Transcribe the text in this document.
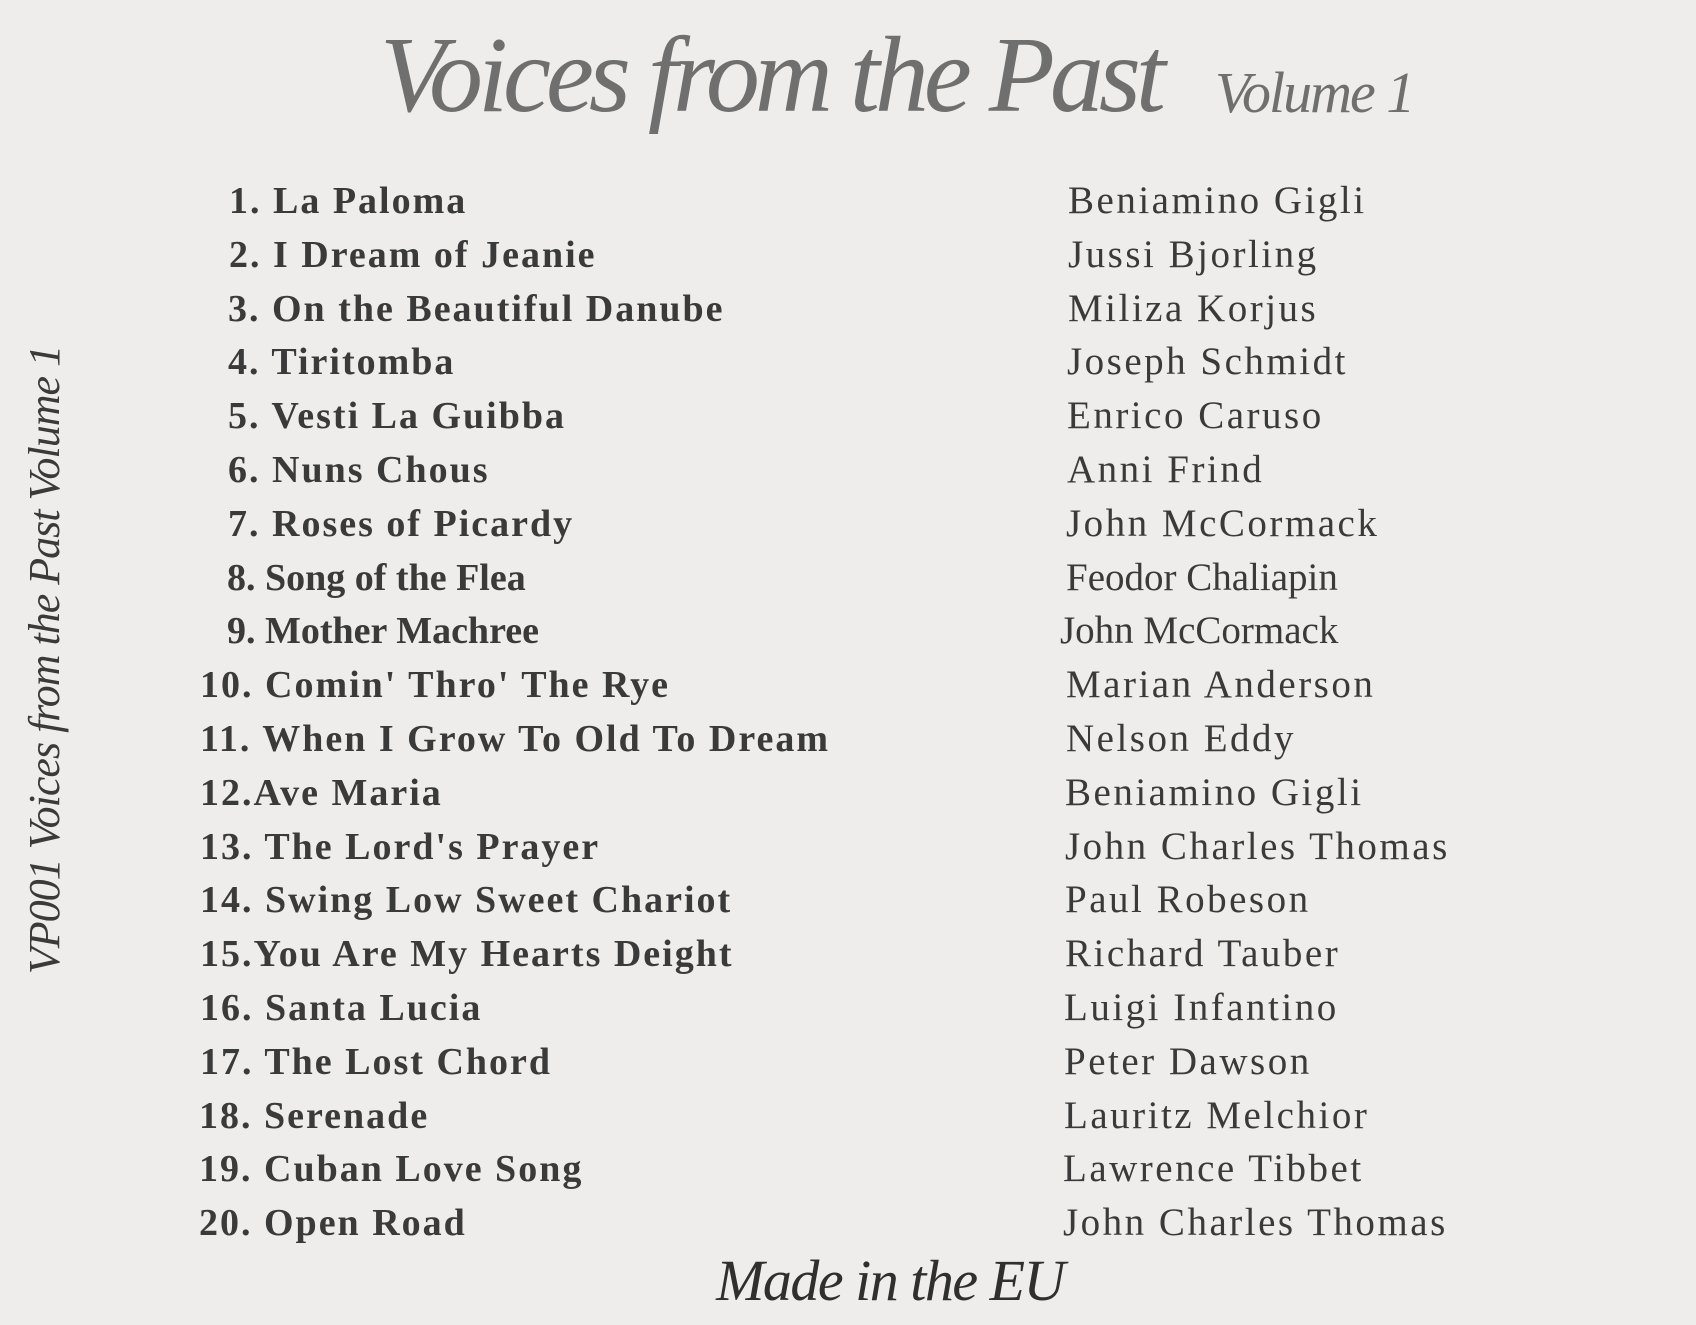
Voices from the Past Volume 1
VP001 Voices from the Past Volume 1
1. La Paloma	Beniamino Gigli
2. I Dream of Jeanie	Jussi Bjorling
3. On the Beautiful Danube	Miliza Korjus
4. Tiritomba	Joseph Schmidt
5. Vesti La Guibba	Enrico Caruso
6. Nuns Chous	Anni Frind
7. Roses of Picardy	John McCormack
8. Song of the Flea	Feodor Chaliapin
9. Mother Machree	John McCormack
10. Comin' Thro' The Rye	Marian Anderson
11. When I Grow To Old To Dream	Nelson Eddy
12.Ave Maria	Beniamino Gigli
13. The Lord's Prayer	John Charles Thomas
14. Swing Low Sweet Chariot	Paul Robeson
15.You Are My Hearts Deight	Richard Tauber
16. Santa Lucia	Luigi Infantino
17. The Lost Chord	Peter Dawson
18. Serenade	Lauritz Melchior
19. Cuban Love Song	Lawrence Tibbet
20. Open Road	John Charles Thomas
Made in the EU
